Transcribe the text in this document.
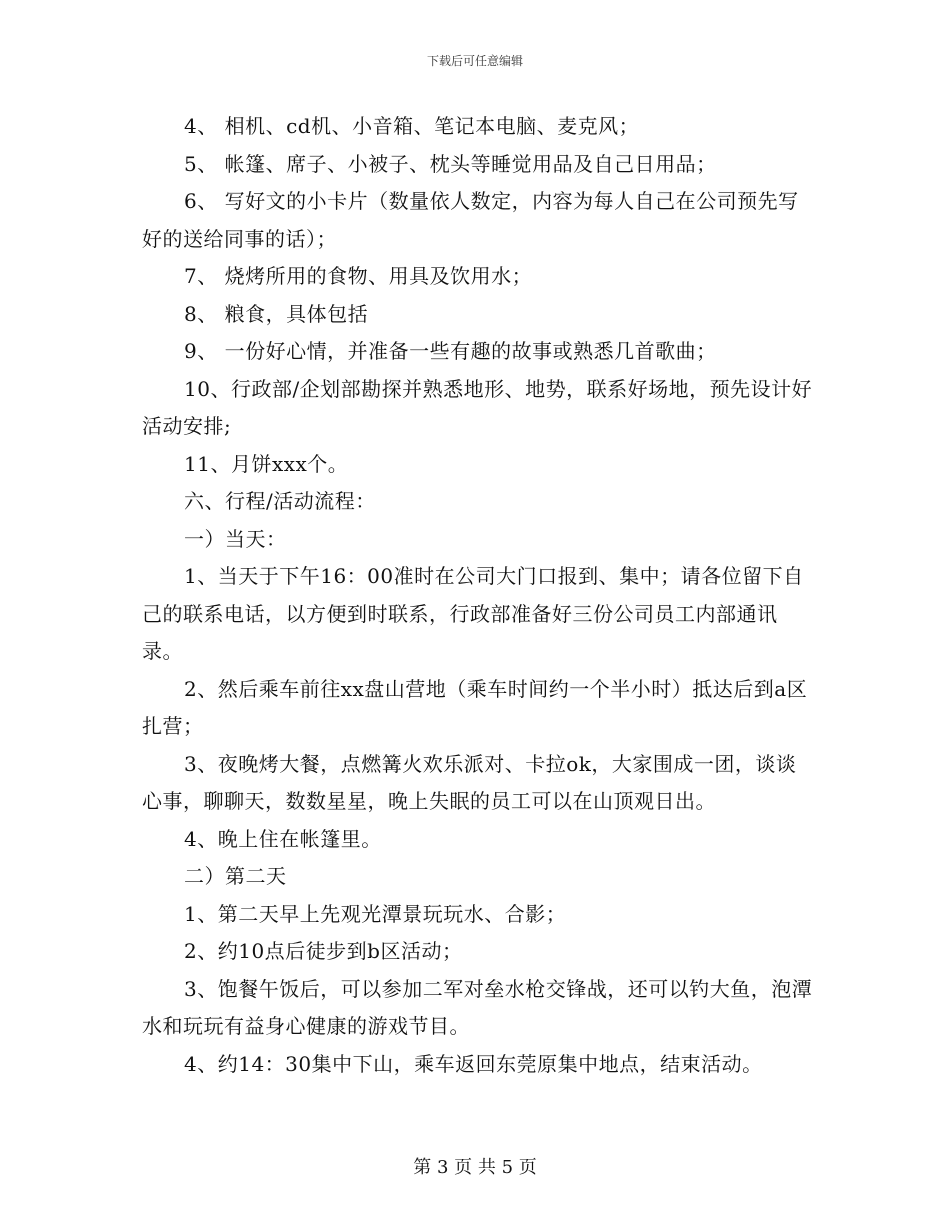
下载后可任意编辑

4、 相机、cd机、小音箱、笔记本电脑、麦克风；

5、 帐篷、席子、小被子、枕头等睡觉用品及自己日用品；

6、 写好文的小卡片（数量依人数定，内容为每人自己在公司预先写好的送给同事的话）；

7、 烧烤所用的食物、用具及饮用水；

8、 粮食，具体包括

9、 一份好心情，并准备一些有趣的故事或熟悉几首歌曲；

10、行政部/企划部勘探并熟悉地形、地势，联系好场地，预先设计好活动安排;

11、月饼xxx个。

六、行程/活动流程：

一）当天：

1、当天于下午16：00准时在公司大门口报到、集中；请各位留下自己的联系电话，以方便到时联系，行政部准备好三份公司员工内部通讯录。

2、然后乘车前往xx盘山营地（乘车时间约一个半小时）抵达后到a区扎营；

3、夜晚烤大餐，点燃篝火欢乐派对、卡拉ok，大家围成一团，谈谈心事，聊聊天，数数星星，晚上失眠的员工可以在山顶观日出。

4、晚上住在帐篷里。

二）第二天

1、第二天早上先观光潭景玩玩水、合影；

2、约10点后徒步到b区活动；

3、饱餐午饭后，可以参加二军对垒水枪交锋战，还可以钓大鱼，泡潭水和玩玩有益身心健康的游戏节目。

4、约14：30集中下山，乘车返回东莞原集中地点，结束活动。

第 3 页 共 5 页
